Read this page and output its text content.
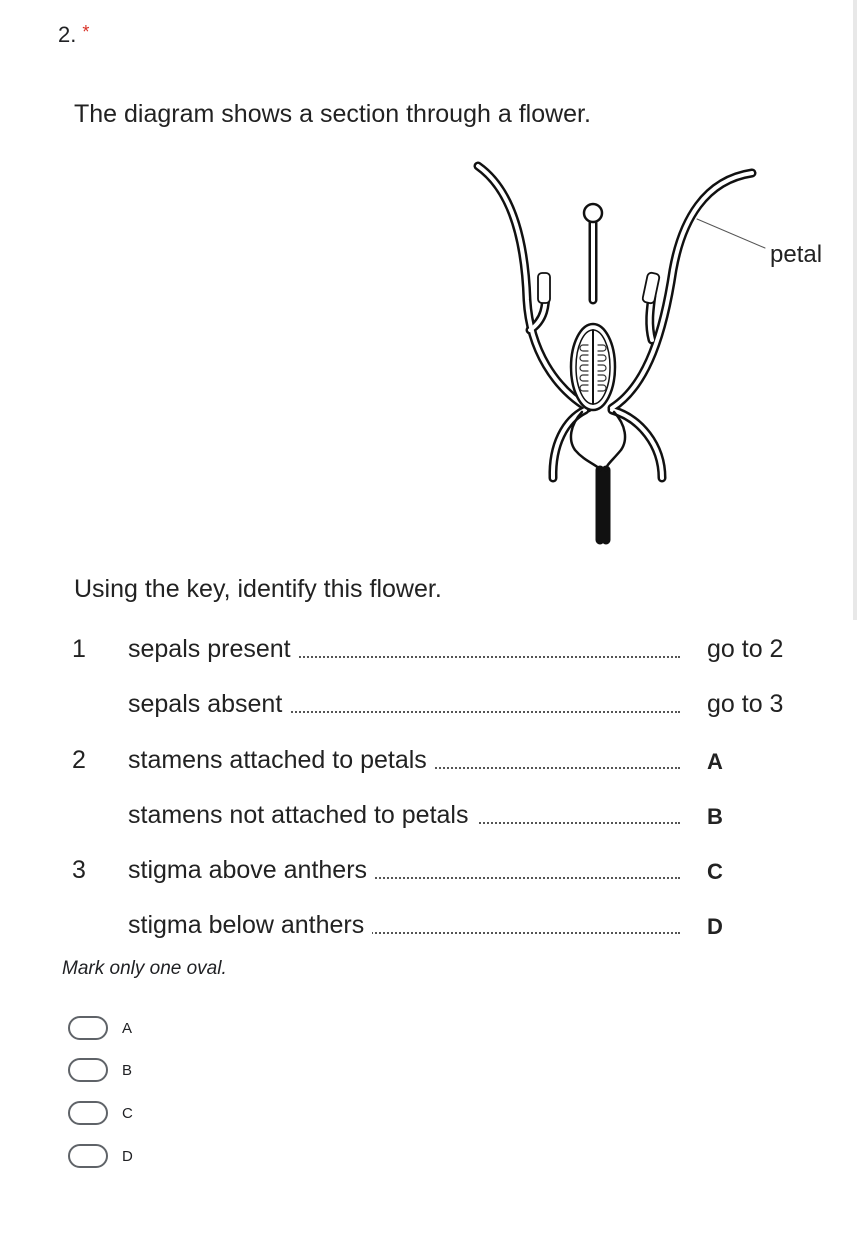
2. *
The diagram shows a section through a flower.
petal
Using the key, identify this flower.
1 sepals present	go to 2
sepals absent	go to 3
2 stamens attached to petals	A
stamens not attached to petals	B
3 stigma above anthers	C
stigma below anthers	D
Mark only one oval.
A
B
C
D
